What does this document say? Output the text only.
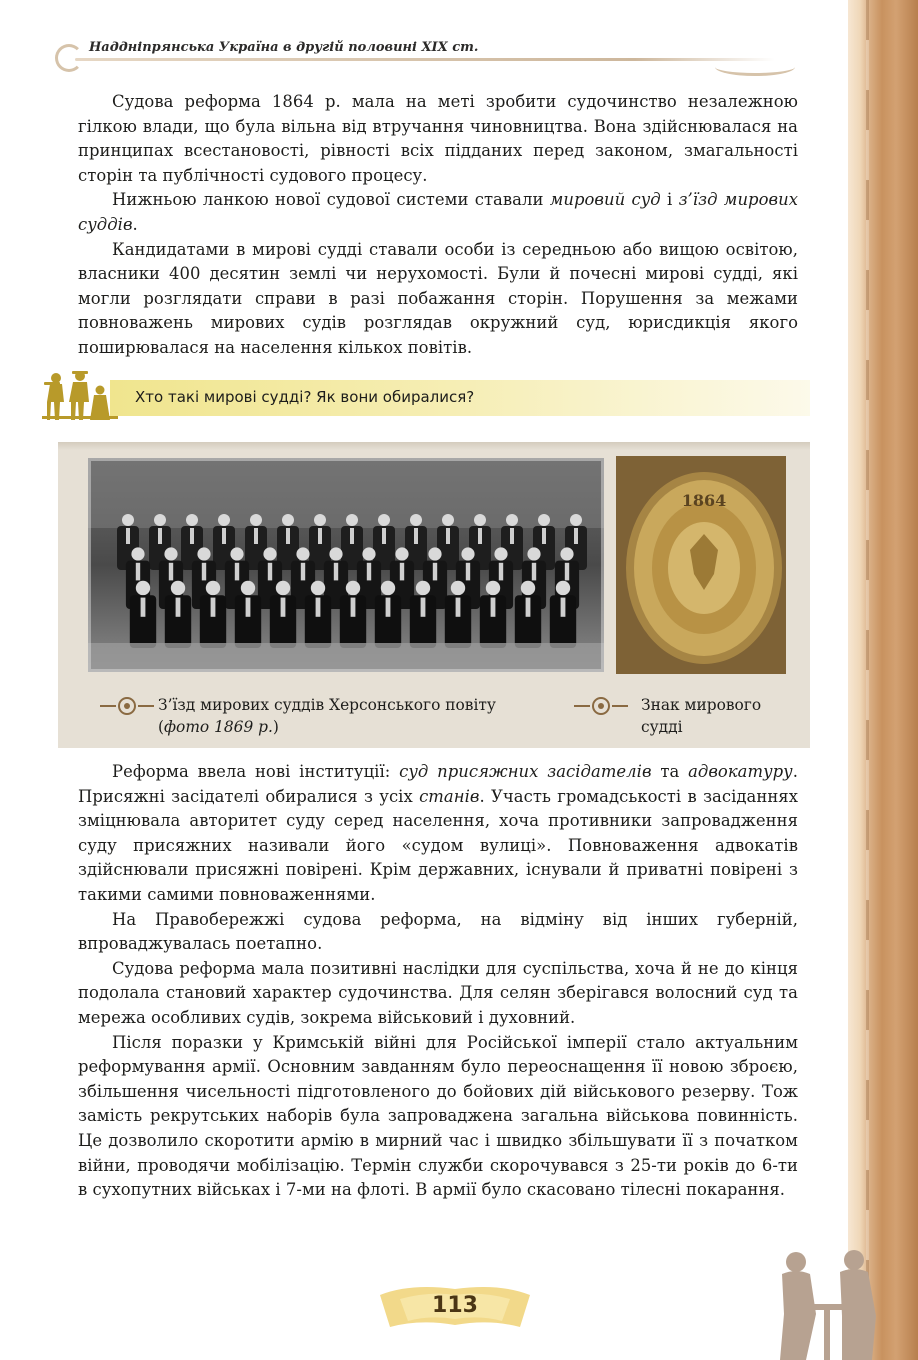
Наддніпрянська Україна в другій половині XIX ст.

Судова реформа 1864 р. мала на меті зробити судочинство незалежною гілкою влади, що була вільна від втручання чиновництва. Вона здійснювалася на принципах всестановості, рівності всіх підданих перед законом, змагальності сторін та публічності судового процесу.

Нижньою ланкою нової судової системи ставали мировий суд і з’їзд мирових суддів.

Кандидатами в мирові судді ставали особи із середньою або вищою освітою, власники 400 десятин землі чи нерухомості. Були й почесні мирові судді, які могли розглядати справи в разі побажання сторін. Порушення за межами повноважень мирових судів розглядав окружний суд, юрисдикція якого поширювалася на населення кількох повітів.

Хто такі мирові судді? Як вони обиралися?
1864
З’їзд мирових суддів Херсонського повіту
(фото 1869 р.)
Знак мирового
судді

Реформа ввела нові інституції: суд присяжних засідателів та адвокатуру. Присяжні засідателі обиралися з усіх станів. Участь громадськості в засіданнях зміцнювала авторитет суду серед населення, хоча противники запровадження суду присяжних називали його «судом вулиці». Повноваження адвокатів здійснювали присяжні повірені. Крім державних, існували й приватні повірені з такими самими повноваженнями.

На Правобережжі судова реформа, на відміну від інших губерній, впроваджувалась поетапно.

Судова реформа мала позитивні наслідки для суспільства, хоча й не до кінця подолала становий характер судочинства. Для селян зберігався волосний суд та мережа особливих судів, зокрема військовий і духовний.

Після поразки у Кримській війні для Російської імперії стало актуальним реформування армії. Основним завданням було переоснащення її новою зброєю, збільшення чисельності підготовленого до бойових дій військового резерву. Тож замість рекрутських наборів була запроваджена загальна військова повинність. Це дозволило скоротити армію в мирний час і швидко збільшувати її з початком війни, проводячи мобілізацію. Термін служби скорочувався з 25-ти років до 6-ти в сухопутних військах і 7-ми на флоті. В армії було скасовано тілесні покарання.

113
